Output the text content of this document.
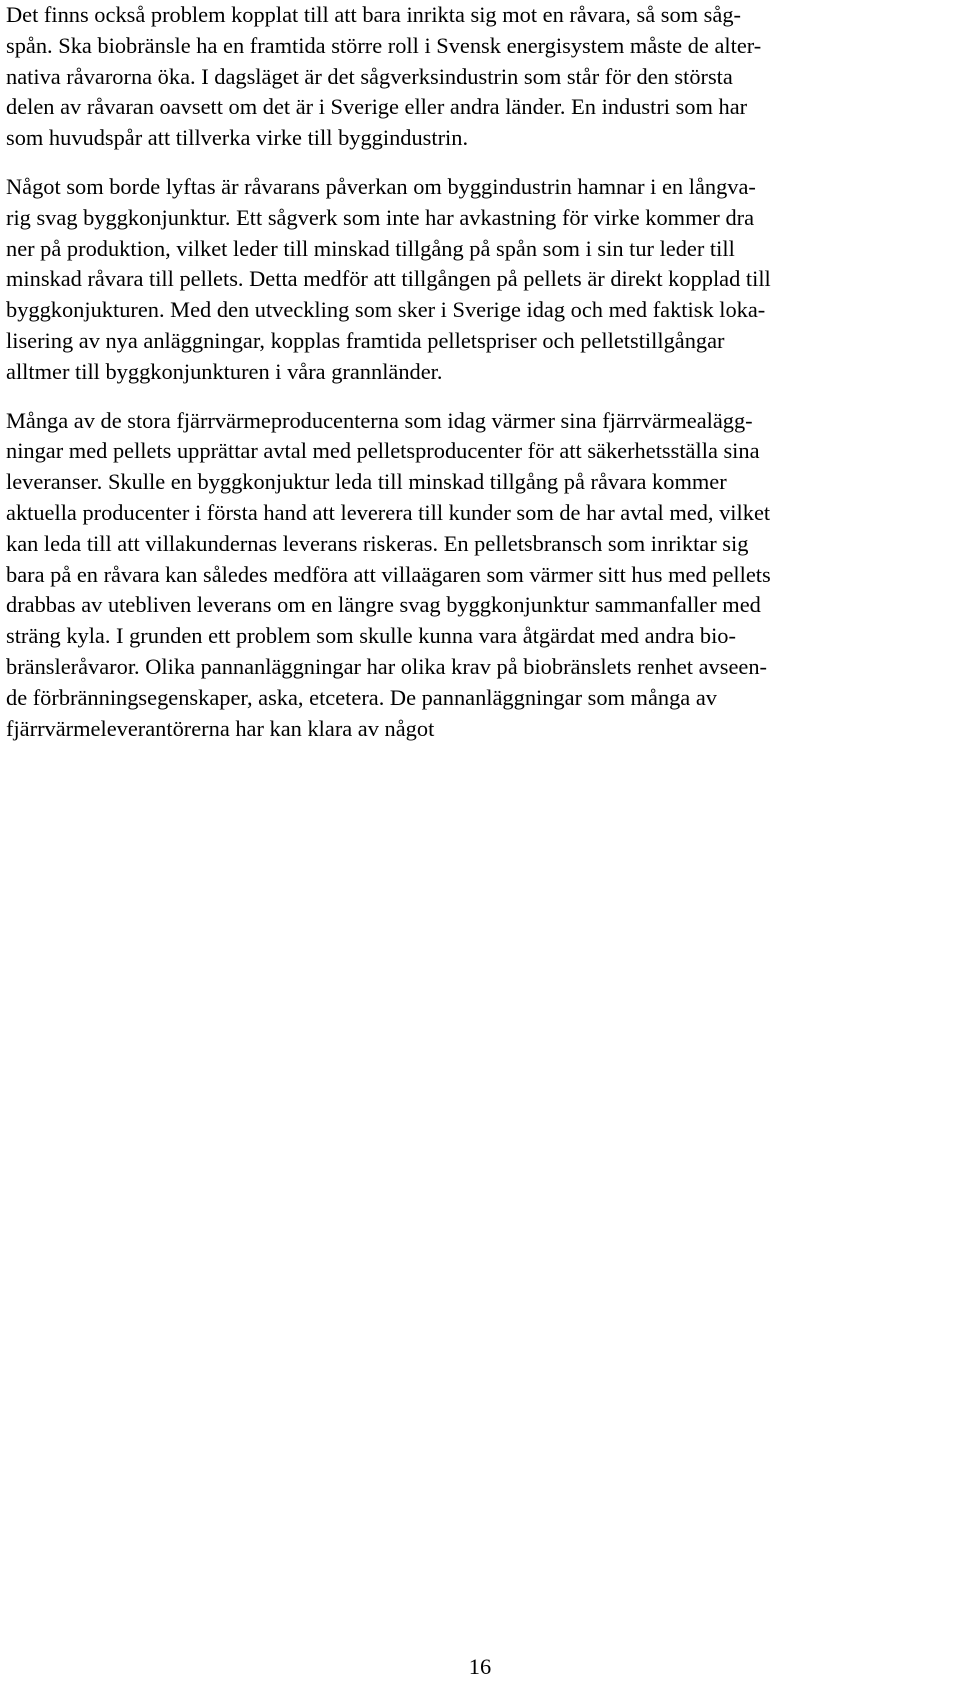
Det finns också problem kopplat till att bara inrikta sig mot en råvara, så som såg-
spån. Ska biobränsle ha en framtida större roll i Svensk energisystem måste de alter-
nativa råvarorna öka. I dagsläget är det sågverksindustrin som står för den största
delen av råvaran oavsett om det är i Sverige eller andra länder. En industri som har
som huvudspår att tillverka virke till byggindustrin.
Något som borde lyftas är råvarans påverkan om byggindustrin hamnar i en långva-
rig svag byggkonjunktur. Ett sågverk som inte har avkastning för virke kommer dra
ner på produktion, vilket leder till minskad tillgång på spån som i sin tur leder till
minskad råvara till pellets. Detta medför att tillgången på pellets är direkt kopplad till
byggkonjukturen. Med den utveckling som sker i Sverige idag och med faktisk loka-
lisering av nya anläggningar, kopplas framtida pelletspriser och pelletstillgångar
alltmer till byggkonjunkturen i våra grannländer.
Många av de stora fjärrvärmeproducenterna som idag värmer sina fjärrvärmealägg-
ningar med pellets upprättar avtal med pelletsproducenter för att säkerhetsställa sina
leveranser. Skulle en byggkonjuktur leda till minskad tillgång på råvara kommer
aktuella producenter i första hand att leverera till kunder som de har avtal med, vilket
kan leda till att villakundernas leverans riskeras. En pelletsbransch som inriktar sig
bara på en råvara kan således medföra att villaägaren som värmer sitt hus med pellets
drabbas av utebliven leverans om en längre svag byggkonjunktur sammanfaller med
sträng kyla. I grunden ett problem som skulle kunna vara åtgärdat med andra bio-
bränsleråvaror. Olika pannanläggningar har olika krav på biobränslets renhet avseen-
de förbränningsegenskaper, aska, etcetera. De pannanläggningar som många av
fjärrvärmeleverantörerna har kan klara av något
16
